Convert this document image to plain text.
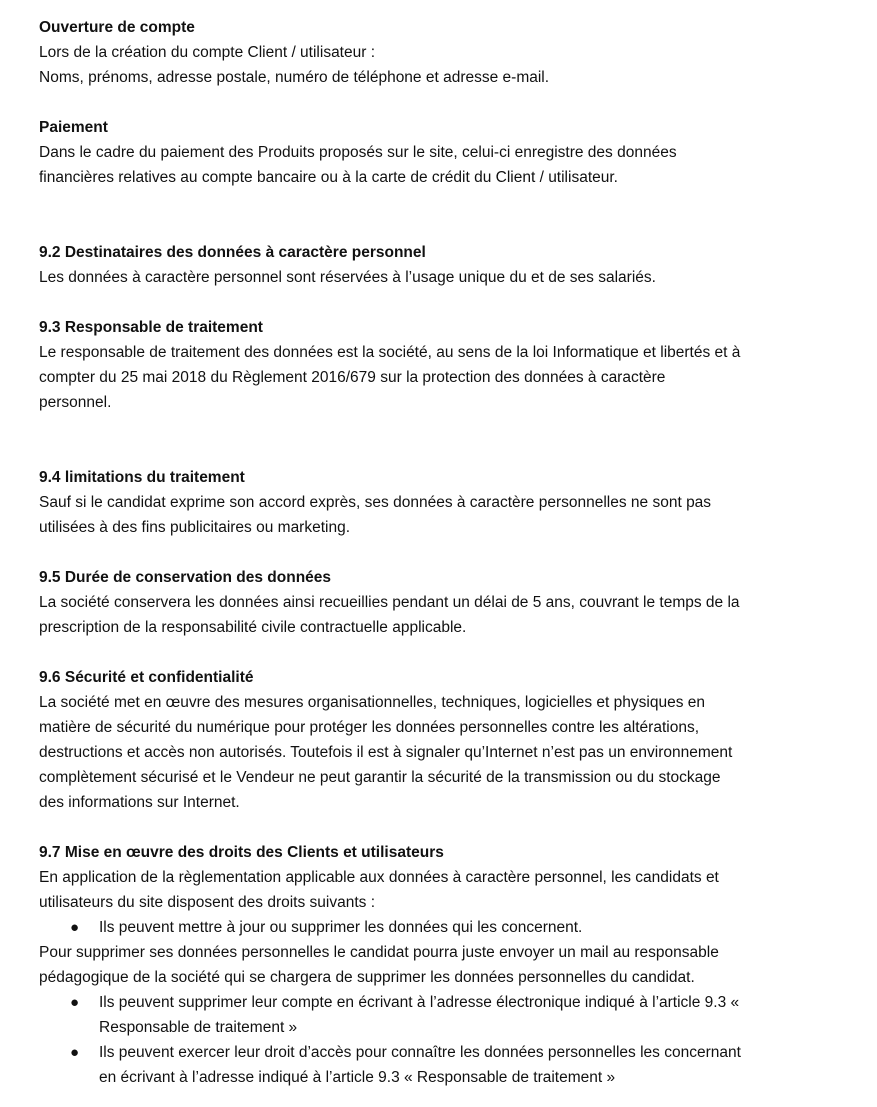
Ouverture de compte
Lors de la création du compte Client / utilisateur :
Noms, prénoms, adresse postale, numéro de téléphone et adresse e-mail.
Paiement
Dans le cadre du paiement des Produits proposés sur le site, celui-ci enregistre des données
financières relatives au compte bancaire ou à la carte de crédit du Client / utilisateur.
9.2 Destinataires des données à caractère personnel
Les données à caractère personnel sont réservées à l’usage unique du et de ses salariés.
9.3 Responsable de traitement
Le responsable de traitement des données est la société, au sens de la loi Informatique et libertés et à
compter du 25 mai 2018 du Règlement 2016/679 sur la protection des données à caractère
personnel.
9.4 limitations du traitement
Sauf si le candidat exprime son accord exprès, ses données à caractère personnelles ne sont pas
utilisées à des fins publicitaires ou marketing.
9.5 Durée de conservation des données
La société conservera les données ainsi recueillies pendant un délai de 5 ans, couvrant le temps de la
prescription de la responsabilité civile contractuelle applicable.
9.6 Sécurité et confidentialité
La société met en œuvre des mesures organisationnelles, techniques, logicielles et physiques en
matière de sécurité du numérique pour protéger les données personnelles contre les altérations,
destructions et accès non autorisés. Toutefois il est à signaler qu’Internet n’est pas un environnement
complètement sécurisé et le Vendeur ne peut garantir la sécurité de la transmission ou du stockage
des informations sur Internet.
9.7 Mise en œuvre des droits des Clients et utilisateurs
En application de la règlementation applicable aux données à caractère personnel, les candidats et
utilisateurs du site disposent des droits suivants :
● Ils peuvent mettre à jour ou supprimer les données qui les concernent.
Pour supprimer ses données personnelles le candidat pourra juste envoyer un mail au responsable
pédagogique de la société qui se chargera de supprimer les données personnelles du candidat.
● Ils peuvent supprimer leur compte en écrivant à l’adresse électronique indiqué à l’article 9.3 «
Responsable de traitement »
● Ils peuvent exercer leur droit d’accès pour connaître les données personnelles les concernant
en écrivant à l’adresse indiqué à l’article 9.3 « Responsable de traitement »
